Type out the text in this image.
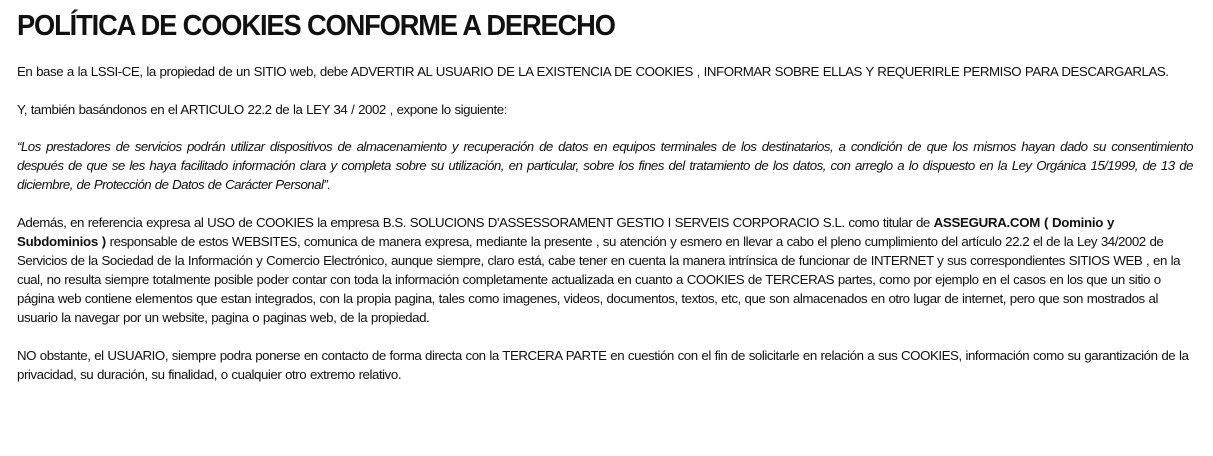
POLÍTICA DE COOKIES CONFORME A DERECHO

En base a la LSSI-CE, la propiedad de un SITIO web, debe ADVERTIR AL USUARIO DE LA EXISTENCIA DE COOKIES , INFORMAR SOBRE ELLAS Y REQUERIRLE PERMISO PARA DESCARGARLAS.

Y, también basándonos en el ARTICULO 22.2 de la LEY 34 / 2002 , expone lo siguiente:

“Los prestadores de servicios podrán utilizar dispositivos de almacenamiento y recuperación de datos en equipos terminales de los destinatarios, a condición de que los mismos hayan dado su consentimiento después de que se les haya facilitado información clara y completa sobre su utilización, en particular, sobre los fines del tratamiento de los datos, con arreglo a lo dispuesto en la Ley Orgánica 15/1999, de 13 de diciembre, de Protección de Datos de Carácter Personal”.

Además, en referencia expresa al USO de COOKIES la empresa B.S. SOLUCIONS D'ASSESSORAMENT GESTIO I SERVEIS CORPORACIO S.L. como titular de ASSEGURA.COM ( Dominio y Subdominios ) responsable de estos WEBSITES, comunica de manera expresa, mediante la presente , su atención y esmero en llevar a cabo el pleno cumplimiento del artículo 22.2 el de la Ley 34/2002 de Servicios de la Sociedad de la Información y Comercio Electrónico, aunque siempre, claro está, cabe tener en cuenta la manera intrínsica de funcionar de INTERNET y sus correspondientes SITIOS WEB , en la cual, no resulta siempre totalmente posible poder contar con toda la información completamente actualizada en cuanto a COOKIES de TERCERAS partes, como por ejemplo en el casos en los que un sitio o página web contiene elementos que estan integrados, con la propia pagina, tales como imagenes, videos, documentos, textos, etc, que son almacenados en otro lugar de internet, pero que son mostrados al usuario la navegar por un website, pagina o paginas web, de la propiedad.

NO obstante, el USUARIO, siempre podra ponerse en contacto de forma directa con la TERCERA PARTE en cuestión con el fin de solicitarle en relación a sus COOKIES, información como su garantización de la privacidad, su duración, su finalidad, o cualquier otro extremo relativo.
